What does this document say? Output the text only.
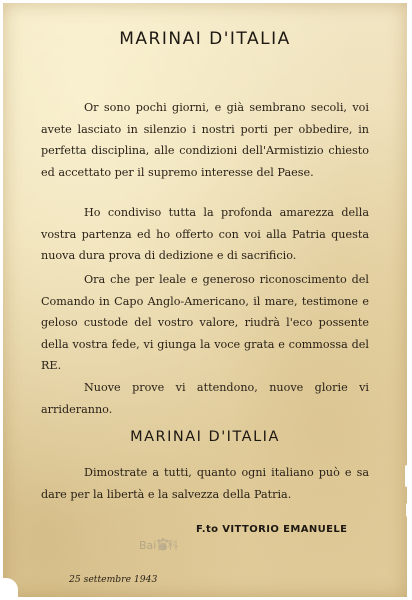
MARINAI D'ITALIA

Or sono pochi giorni, e già sembrano secoli, voi avete lasciato in silenzio i nostri porti per obbedire, in perfetta disciplina, alle condizioni dell'Armistizio chiesto ed accettato per il supremo interesse del Paese.

Ho condiviso tutta la profonda amarezza della vostra partenza ed ho offerto con voi alla Patria questa nuova dura prova di dedizione e di sacrificio.

Ora che per leale e generoso riconoscimento del Comando in Capo Anglo-Americano, il mare, testimone e geloso custode del vostro valore, riudrà l'eco possente della vostra fede, vi giunga la voce grata e commossa del RE.

Nuove prove vi attendono, nuove glorie vi arrideranno.

MARINAI D'ITALIA

Dimostrate a tutti, quanto ogni italiano può e sa dare per la libertà e la salvezza della Patria.

F.to VITTORIO EMANUELE
Bai百科
25 settembre 1943
